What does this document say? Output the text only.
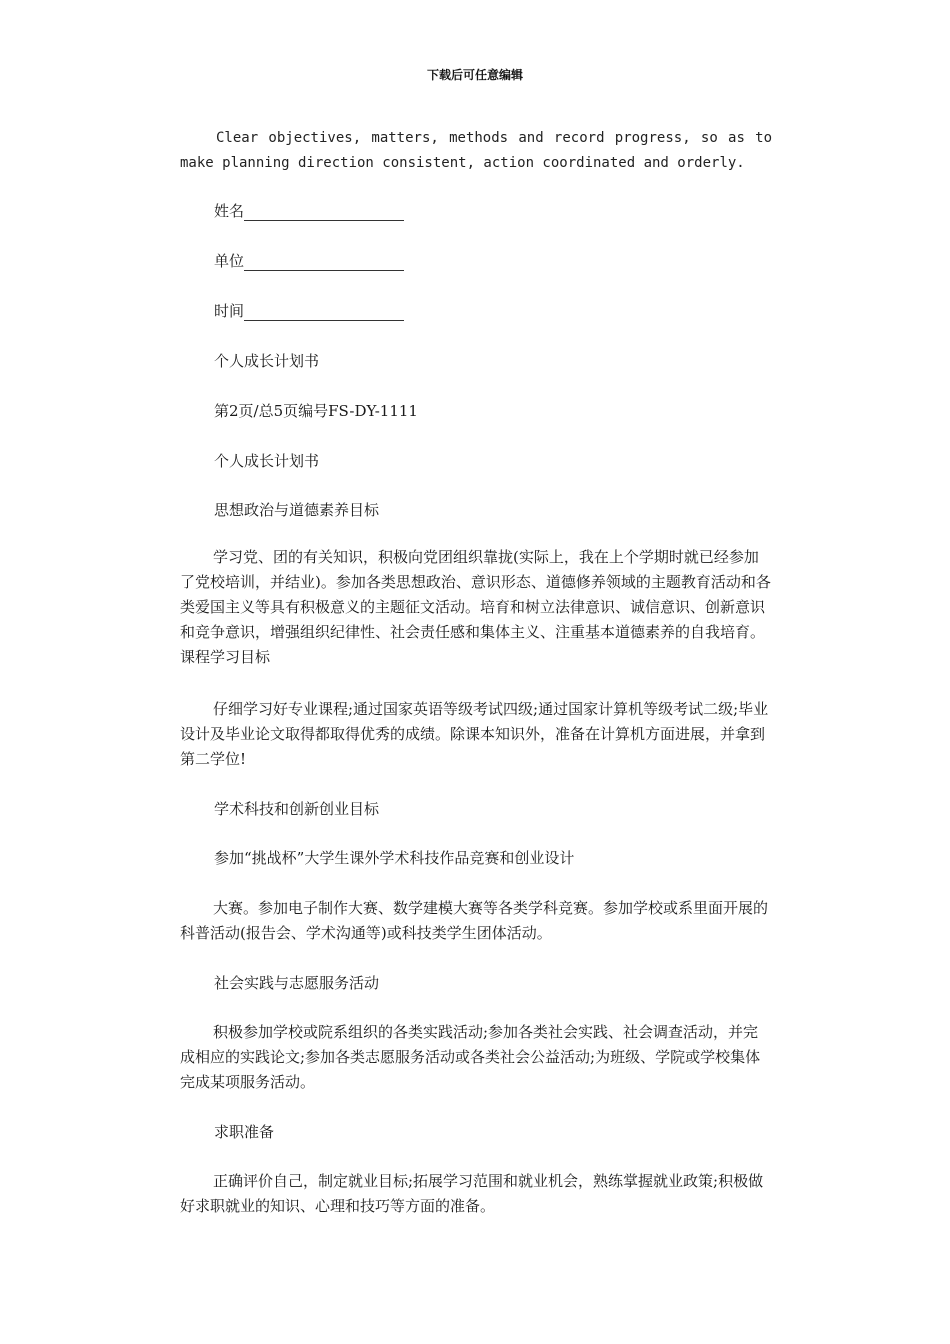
下载后可任意编辑
Clear objectives, matters, methods and record progress, so as to make planning direction consistent, action coordinated and orderly.
姓名
单位
时间
个人成长计划书
第2页/总5页编号FS-DY-1111
个人成长计划书
思想政治与道德素养目标
学习党、团的有关知识，积极向党团组织靠拢(实际上，我在上个学期时就已经参加了党校培训，并结业)。参加各类思想政治、意识形态、道德修养领域的主题教育活动和各类爱国主义等具有积极意义的主题征文活动。培育和树立法律意识、诚信意识、创新意识和竞争意识，增强组织纪律性、社会责任感和集体主义、注重基本道德素养的自我培育。课程学习目标
仔细学习好专业课程;通过国家英语等级考试四级;通过国家计算机等级考试二级;毕业设计及毕业论文取得都取得优秀的成绩。除课本知识外，准备在计算机方面进展，并拿到第二学位!
学术科技和创新创业目标
参加“挑战杯”大学生课外学术科技作品竞赛和创业设计
大赛。参加电子制作大赛、数学建模大赛等各类学科竞赛。参加学校或系里面开展的科普活动(报告会、学术沟通等)或科技类学生团体活动。
社会实践与志愿服务活动
积极参加学校或院系组织的各类实践活动;参加各类社会实践、社会调查活动，并完成相应的实践论文;参加各类志愿服务活动或各类社会公益活动;为班级、学院或学校集体完成某项服务活动。
求职准备
正确评价自己，制定就业目标;拓展学习范围和就业机会，熟练掌握就业政策;积极做好求职就业的知识、心理和技巧等方面的准备。
